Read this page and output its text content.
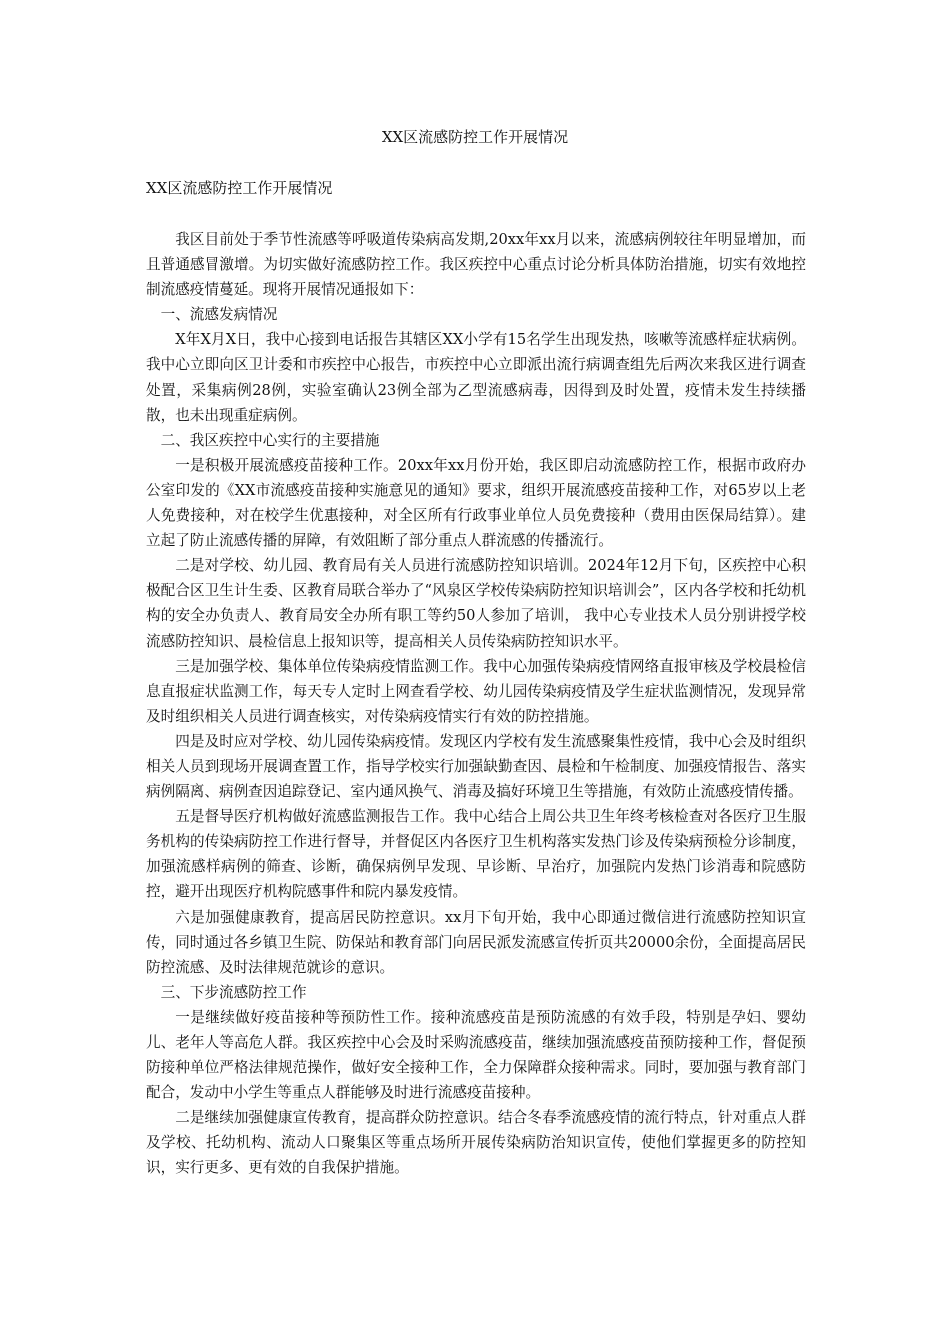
XX区流感防控工作开展情况
XX区流感防控工作开展情况

我区目前处于季节性流感等呼吸道传染病高发期,20xx年xx月以来，流感病例较往年明显增加，而且普通感冒激增。为切实做好流感防控工作。我区疾控中心重点讨论分析具体防治措施，切实有效地控制流感疫情蔓延。现将开展情况通报如下：

一、流感发病情况

X年X月X日，我中心接到电话报告其辖区XX小学有15名学生出现发热，咳嗽等流感样症状病例。我中心立即向区卫计委和市疾控中心报告，市疾控中心立即派出流行病调查组先后两次来我区进行调查处置，采集病例28例，实验室确认23例全部为乙型流感病毒，因得到及时处置，疫情未发生持续播散，也未出现重症病例。

二、我区疾控中心实行的主要措施

一是积极开展流感疫苗接种工作。20xx年xx月份开始，我区即启动流感防控工作，根据市政府办公室印发的《XX市流感疫苗接种实施意见的通知》要求，组织开展流感疫苗接种工作，对65岁以上老人免费接种，对在校学生优惠接种，对全区所有行政事业单位人员免费接种（费用由医保局结算）。建立起了防止流感传播的屏障，有效阻断了部分重点人群流感的传播流行。

二是对学校、幼儿园、教育局有关人员进行流感防控知识培训。2024年12月下旬，区疾控中心积极配合区卫生计生委、区教育局联合举办了“风泉区学校传染病防控知识培训会”，区内各学校和托幼机构的安全办负责人、教育局安全办所有职工等约50人参加了培训， 我中心专业技术人员分别讲授学校流感防控知识、晨检信息上报知识等，提高相关人员传染病防控知识水平。

三是加强学校、集体单位传染病疫情监测工作。我中心加强传染病疫情网络直报审核及学校晨检信息直报症状监测工作，每天专人定时上网查看学校、幼儿园传染病疫情及学生症状监测情况，发现异常及时组织相关人员进行调查核实，对传染病疫情实行有效的防控措施。

四是及时应对学校、幼儿园传染病疫情。发现区内学校有发生流感聚集性疫情，我中心会及时组织相关人员到现场开展调查置工作，指导学校实行加强缺勤查因、晨检和午检制度、加强疫情报告、落实病例隔离、病例查因追踪登记、室内通风换气、消毒及搞好环境卫生等措施，有效防止流感疫情传播。

五是督导医疗机构做好流感监测报告工作。我中心结合上周公共卫生年终考核检查对各医疗卫生服务机构的传染病防控工作进行督导，并督促区内各医疗卫生机构落实发热门诊及传染病预检分诊制度，加强流感样病例的筛查、诊断，确保病例早发现、早诊断、早治疗，加强院内发热门诊消毒和院感防控，避开出现医疗机构院感事件和院内暴发疫情。

六是加强健康教育，提高居民防控意识。xx月下旬开始，我中心即通过微信进行流感防控知识宣传，同时通过各乡镇卫生院、防保站和教育部门向居民派发流感宣传折页共20000余份，全面提高居民防控流感、及时法律规范就诊的意识。

三、下步流感防控工作

一是继续做好疫苗接种等预防性工作。接种流感疫苗是预防流感的有效手段，特别是孕妇、婴幼儿、老年人等高危人群。我区疾控中心会及时采购流感疫苗，继续加强流感疫苗预防接种工作，督促预防接种单位严格法律规范操作，做好安全接种工作，全力保障群众接种需求。同时，要加强与教育部门配合，发动中小学生等重点人群能够及时进行流感疫苗接种。

二是继续加强健康宣传教育，提高群众防控意识。结合冬春季流感疫情的流行特点，针对重点人群及学校、托幼机构、流动人口聚集区等重点场所开展传染病防治知识宣传，使他们掌握更多的防控知识，实行更多、更有效的自我保护措施。
